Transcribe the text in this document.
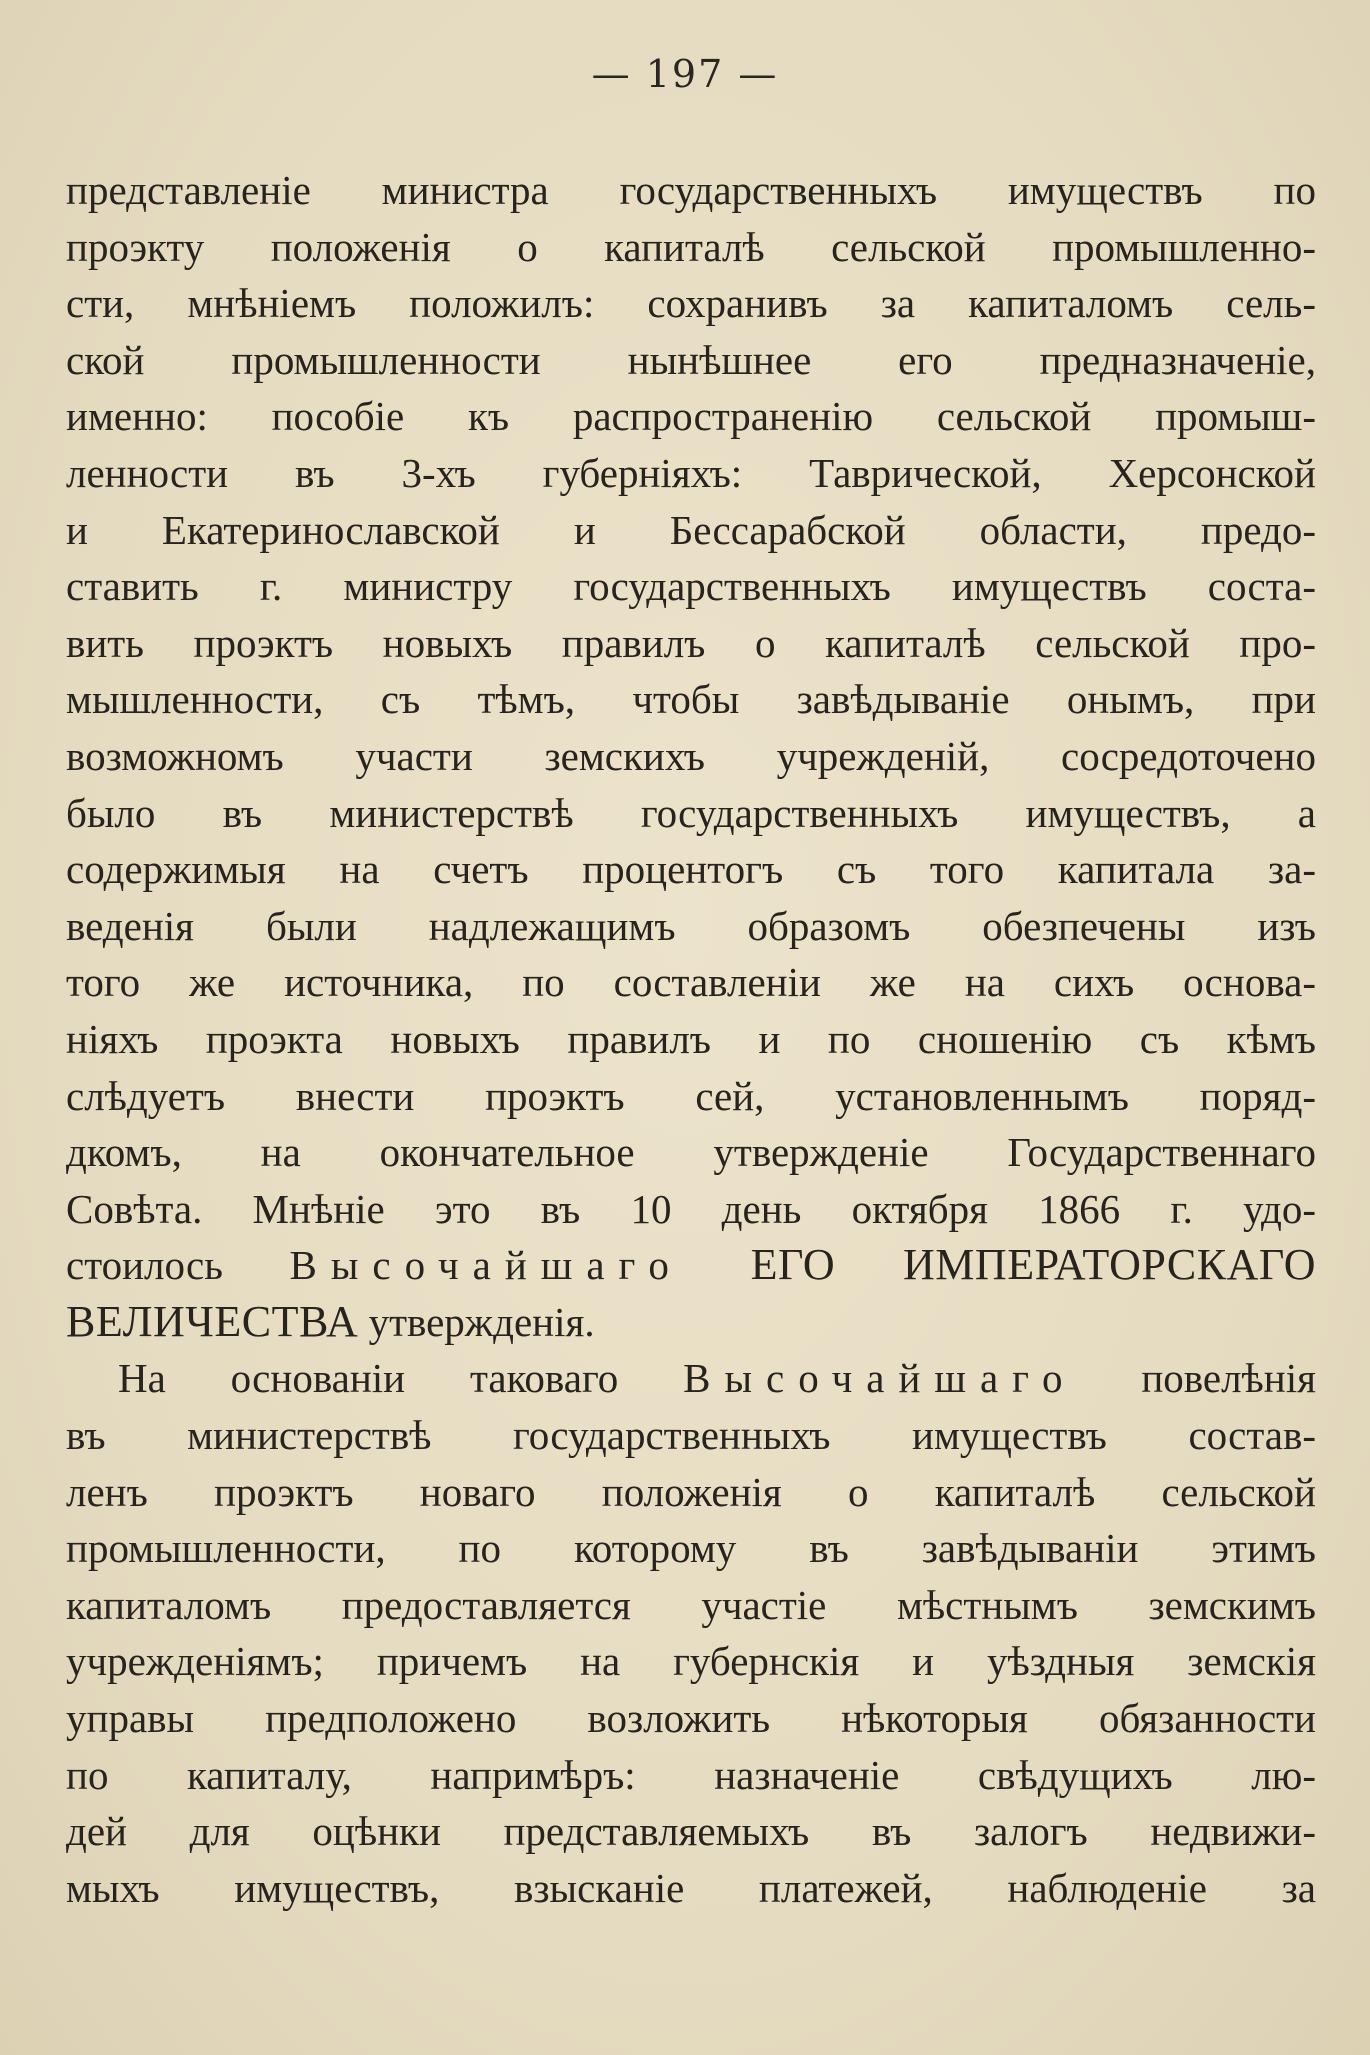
— 197 —
представленіе министра государственныхъ имуществъ по
проэкту положенія о капиталѣ сельской промышленно-
сти, мнѣніемъ положилъ: сохранивъ за капиталомъ сель-
ской промышленности нынѣшнее его предназначеніе,
именно: пособіе къ распространенію сельской промыш-
ленности въ 3-хъ губерніяхъ: Таврической, Херсонской
и Екатеринославской и Бессарабской области, предо-
ставить г. министру государственныхъ имуществъ соста-
вить проэктъ новыхъ правилъ о капиталѣ сельской про-
мышленности, съ тѣмъ, чтобы завѣдываніе онымъ, при
возможномъ участи земскихъ учрежденій, сосредоточено
было въ министерствѣ государственныхъ имуществъ, а
содержимыя на счетъ процентогъ съ того капитала за-
веденія были надлежащимъ образомъ обезпечены изъ
того же источника, по составленіи же на сихъ основа-
ніяхъ проэкта новыхъ правилъ и по сношенію съ кѣмъ
слѣдуетъ внести проэктъ сей, установленнымъ поряд-
дкомъ, на окончательное утвержденіе Государственнаго
Совѣта. Мнѣніе это въ 10 день октября 1866 г. удо-
стоилось Высочайшаго ЕГО ИМПЕРАТОРСКАГО
ВЕЛИЧЕСТВА утвержденія.
На основаніи таковаго Высочайшаго повелѣнія
въ министерствѣ государственныхъ имуществъ состав-
ленъ проэктъ новаго положенія о капиталѣ сельской
промышленности, по которому въ завѣдываніи этимъ
капиталомъ предоставляется участіе мѣстнымъ земскимъ
учрежденіямъ; причемъ на губернскія и уѣздныя земскія
управы предположено возложить нѣкоторыя обязанности
по капиталу, напримѣръ: назначеніе свѣдущихъ лю-
дей для оцѣнки представляемыхъ въ залогъ недвижи-
мыхъ имуществъ, взысканіе платежей, наблюденіе за
